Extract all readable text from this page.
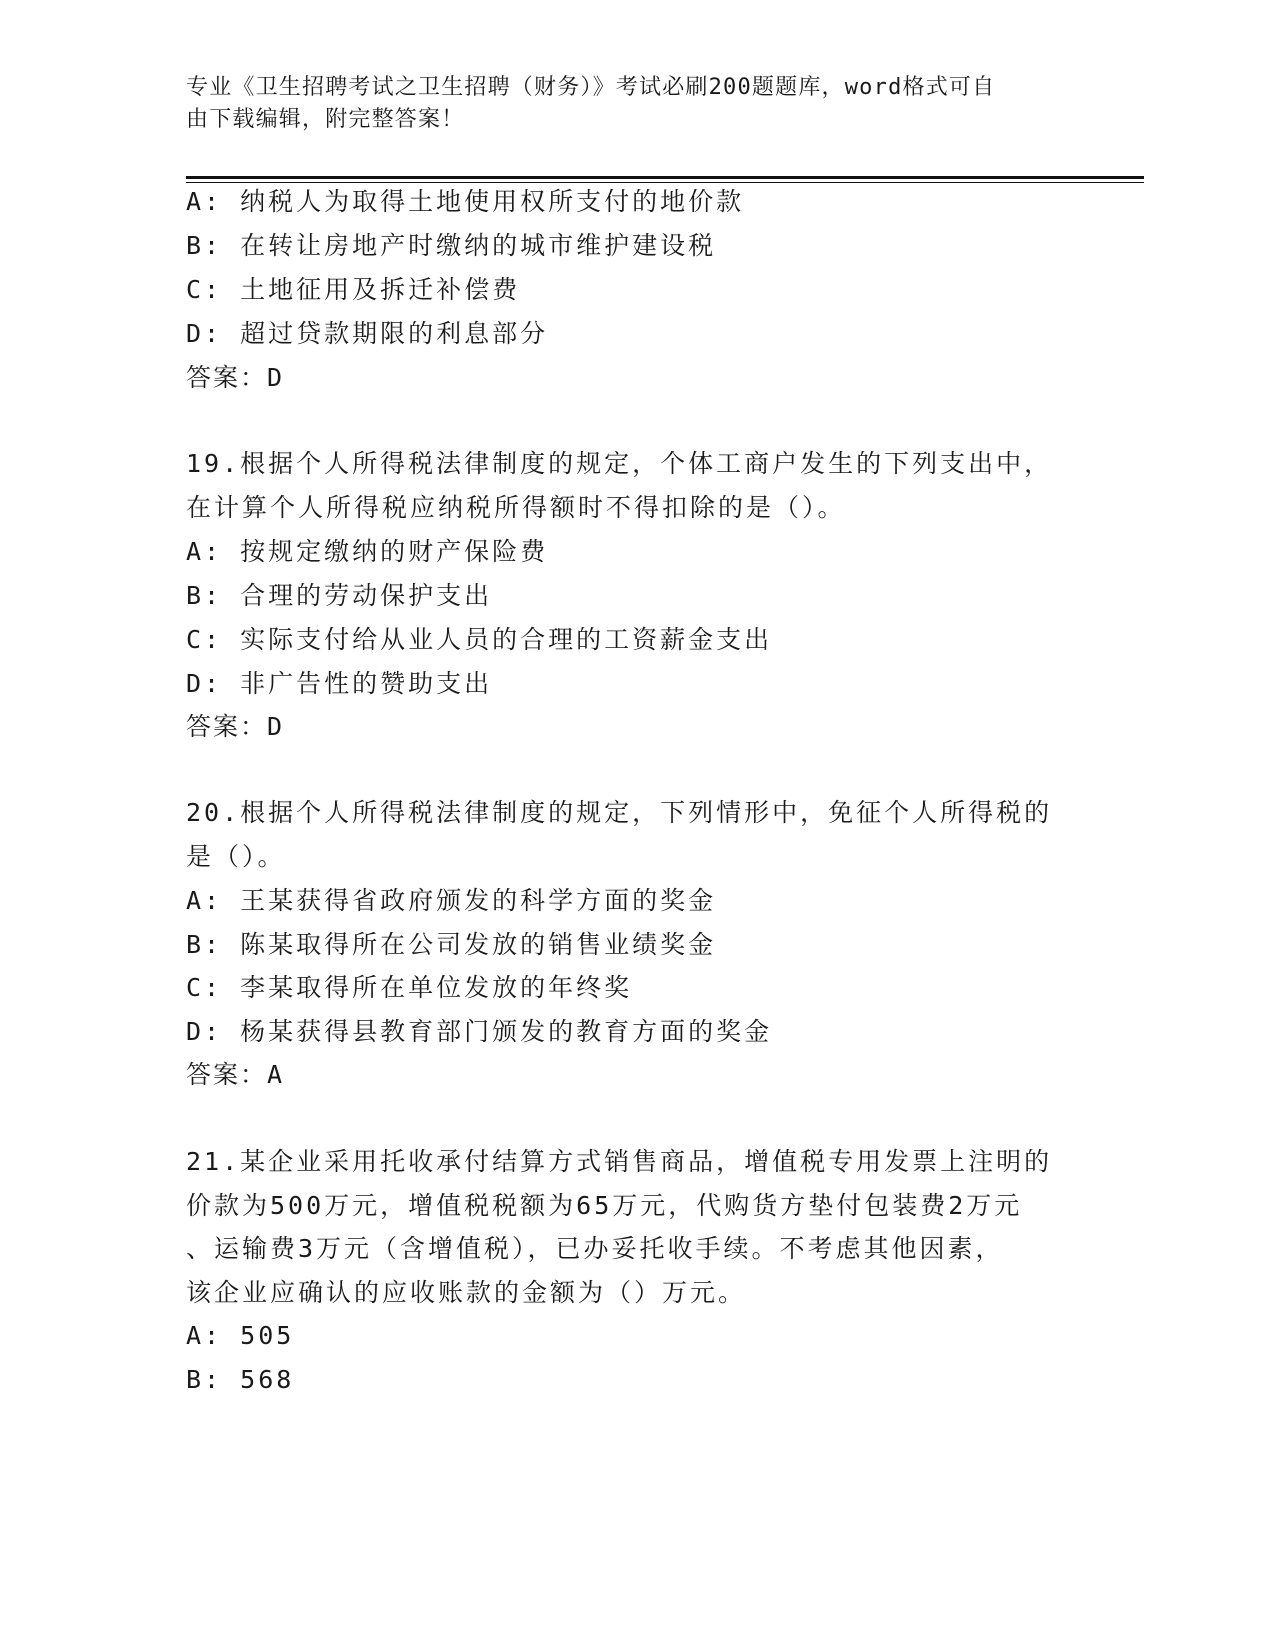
专业《卫生招聘考试之卫生招聘（财务）》考试必刷200题题库，word格式可自
由下载编辑，附完整答案！
A: 纳税人为取得土地使用权所支付的地价款
B: 在转让房地产时缴纳的城市维护建设税
C: 土地征用及拆迁补偿费
D: 超过贷款期限的利息部分
答案：D
19.根据个人所得税法律制度的规定，个体工商户发生的下列支出中，
在计算个人所得税应纳税所得额时不得扣除的是（）。
A: 按规定缴纳的财产保险费
B: 合理的劳动保护支出
C: 实际支付给从业人员的合理的工资薪金支出
D: 非广告性的赞助支出
答案：D
20.根据个人所得税法律制度的规定，下列情形中，免征个人所得税的
是（）。
A: 王某获得省政府颁发的科学方面的奖金
B: 陈某取得所在公司发放的销售业绩奖金
C: 李某取得所在单位发放的年终奖
D: 杨某获得县教育部门颁发的教育方面的奖金
答案：A
21.某企业采用托收承付结算方式销售商品，增值税专用发票上注明的
价款为500万元，增值税税额为65万元，代购货方垫付包装费2万元
、运输费3万元（含增值税），已办妥托收手续。不考虑其他因素，
该企业应确认的应收账款的金额为（）万元。
A: 505
B: 568
